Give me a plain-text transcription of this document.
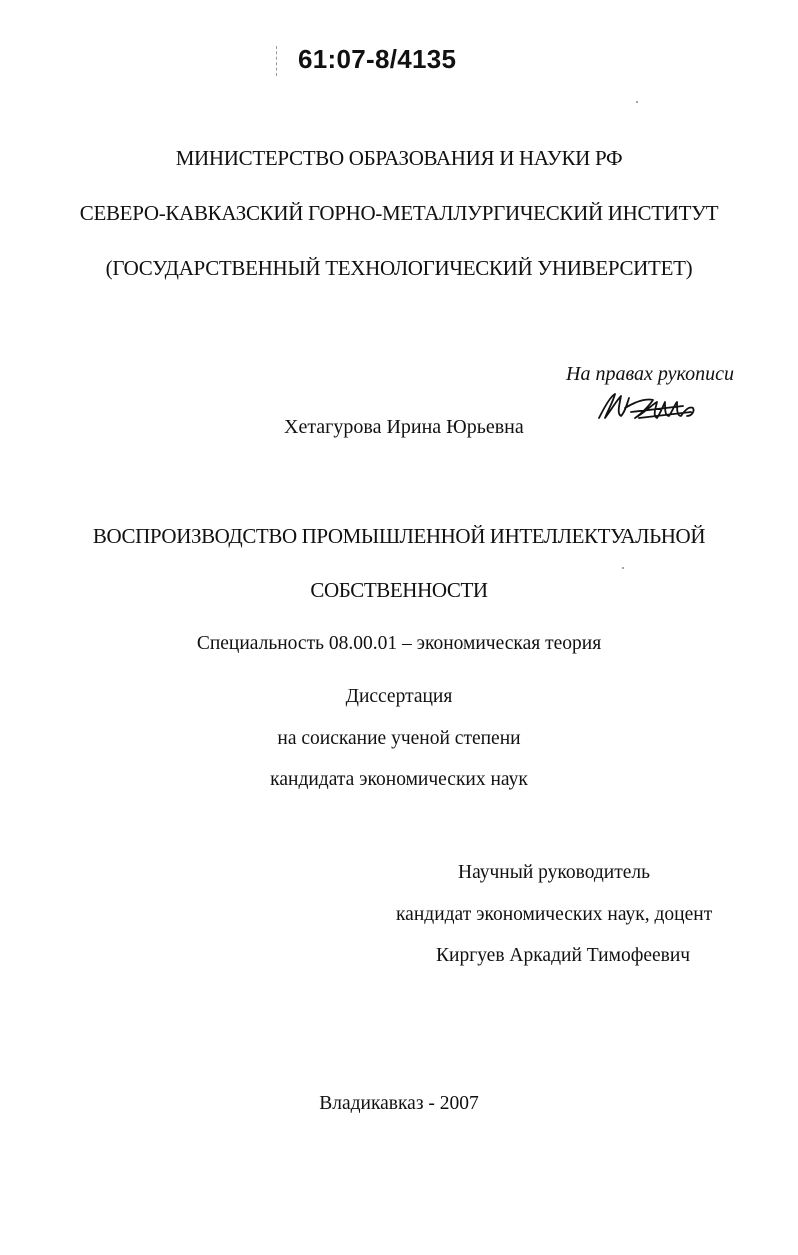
61:07-8/4135
МИНИСТЕРСТВО ОБРАЗОВАНИЯ И НАУКИ РФ
СЕВЕРО-КАВКАЗСКИЙ ГОРНО-МЕТАЛЛУРГИЧЕСКИЙ ИНСТИТУТ
(ГОСУДАРСТВЕННЫЙ ТЕХНОЛОГИЧЕСКИЙ УНИВЕРСИТЕТ)
На правах рукописи
Хетагурова Ирина Юрьевна
ВОСПРОИЗВОДСТВО ПРОМЫШЛЕННОЙ ИНТЕЛЛЕКТУАЛЬНОЙ
СОБСТВЕННОСТИ
Специальность 08.00.01 – экономическая теория
Диссертация
на соискание ученой степени
кандидата экономических наук
Научный руководитель
кандидат экономических наук, доцент
Киргуев Аркадий Тимофеевич
Владикавказ - 2007
